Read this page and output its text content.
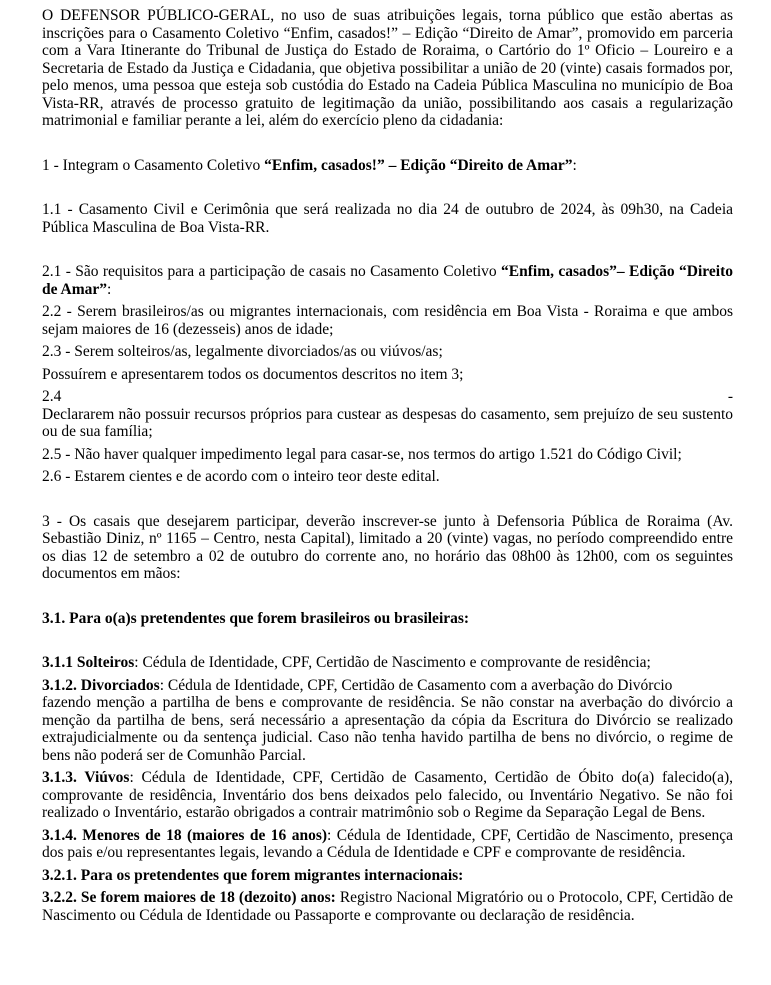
O DEFENSOR PÚBLICO-GERAL, no uso de suas atribuições legais, torna público que estão abertas as inscrições para o Casamento Coletivo “Enfim, casados!” – Edição “Direito de Amar”, promovido em parceria com a Vara Itinerante do Tribunal de Justiça do Estado de Roraima, o Cartório do 1º Oficio – Loureiro e a Secretaria de Estado da Justiça e Cidadania, que objetiva possibilitar a união de 20 (vinte) casais formados por, pelo menos, uma pessoa que esteja sob custódia do Estado na Cadeia Pública Masculina no município de Boa Vista-RR, através de processo gratuito de legitimação da união, possibilitando aos casais a regularização matrimonial e familiar perante a lei, além do exercício pleno da cidadania:
1 - Integram o Casamento Coletivo “Enfim, casados!” – Edição “Direito de Amar”:
1.1 - Casamento Civil e Cerimônia que será realizada no dia 24 de outubro de 2024, às 09h30, na Cadeia Pública Masculina de Boa Vista-RR.
2.1 - São requisitos para a participação de casais no Casamento Coletivo “Enfim, casados”– Edição “Direito de Amar”:
2.2 - Serem brasileiros/as ou migrantes internacionais, com residência em Boa Vista - Roraima e que ambos sejam maiores de 16 (dezesseis) anos de idade;
2.3 - Serem solteiros/as, legalmente divorciados/as ou viúvos/as;
Possuírem e apresentarem todos os documentos descritos no item 3;
2.4	-
Declararem não possuir recursos próprios para custear as despesas do casamento, sem prejuízo de seu sustento ou de sua família;
2.5 - Não haver qualquer impedimento legal para casar-se, nos termos do artigo 1.521 do Código Civil;
2.6 - Estarem cientes e de acordo com o inteiro teor deste edital.
3 - Os casais que desejarem participar, deverão inscrever-se junto à Defensoria Pública de Roraima (Av. Sebastião Diniz, nº 1165 – Centro, nesta Capital), limitado a 20 (vinte) vagas, no período compreendido entre os dias 12 de setembro a 02 de outubro do corrente ano, no horário das 08h00 às 12h00, com os seguintes documentos em mãos:
3.1. Para o(a)s pretendentes que forem brasileiros ou brasileiras:
3.1.1 Solteiros: Cédula de Identidade, CPF, Certidão de Nascimento e comprovante de residência;
3.1.2. Divorciados: Cédula de Identidade, CPF, Certidão de Casamento com a averbação do Divórcio
fazendo menção a partilha de bens e comprovante de residência. Se não constar na averbação do divórcio a menção da partilha de bens, será necessário a apresentação da cópia da Escritura do Divórcio se realizado extrajudicialmente ou da sentença judicial. Caso não tenha havido partilha de bens no divórcio, o regime de bens não poderá ser de Comunhão Parcial.
3.1.3. Viúvos: Cédula de Identidade, CPF, Certidão de Casamento, Certidão de Óbito do(a) falecido(a), comprovante de residência, Inventário dos bens deixados pelo falecido, ou Inventário Negativo. Se não foi realizado o Inventário, estarão obrigados a contrair matrimônio sob o Regime da Separação Legal de Bens.
3.1.4. Menores de 18 (maiores de 16 anos): Cédula de Identidade, CPF, Certidão de Nascimento, presença dos pais e/ou representantes legais, levando a Cédula de Identidade e CPF e comprovante de residência.
3.2.1. Para os pretendentes que forem migrantes internacionais:
3.2.2. Se forem maiores de 18 (dezoito) anos: Registro Nacional Migratório ou o Protocolo, CPF, Certidão de Nascimento ou Cédula de Identidade ou Passaporte e comprovante ou declaração de residência.
